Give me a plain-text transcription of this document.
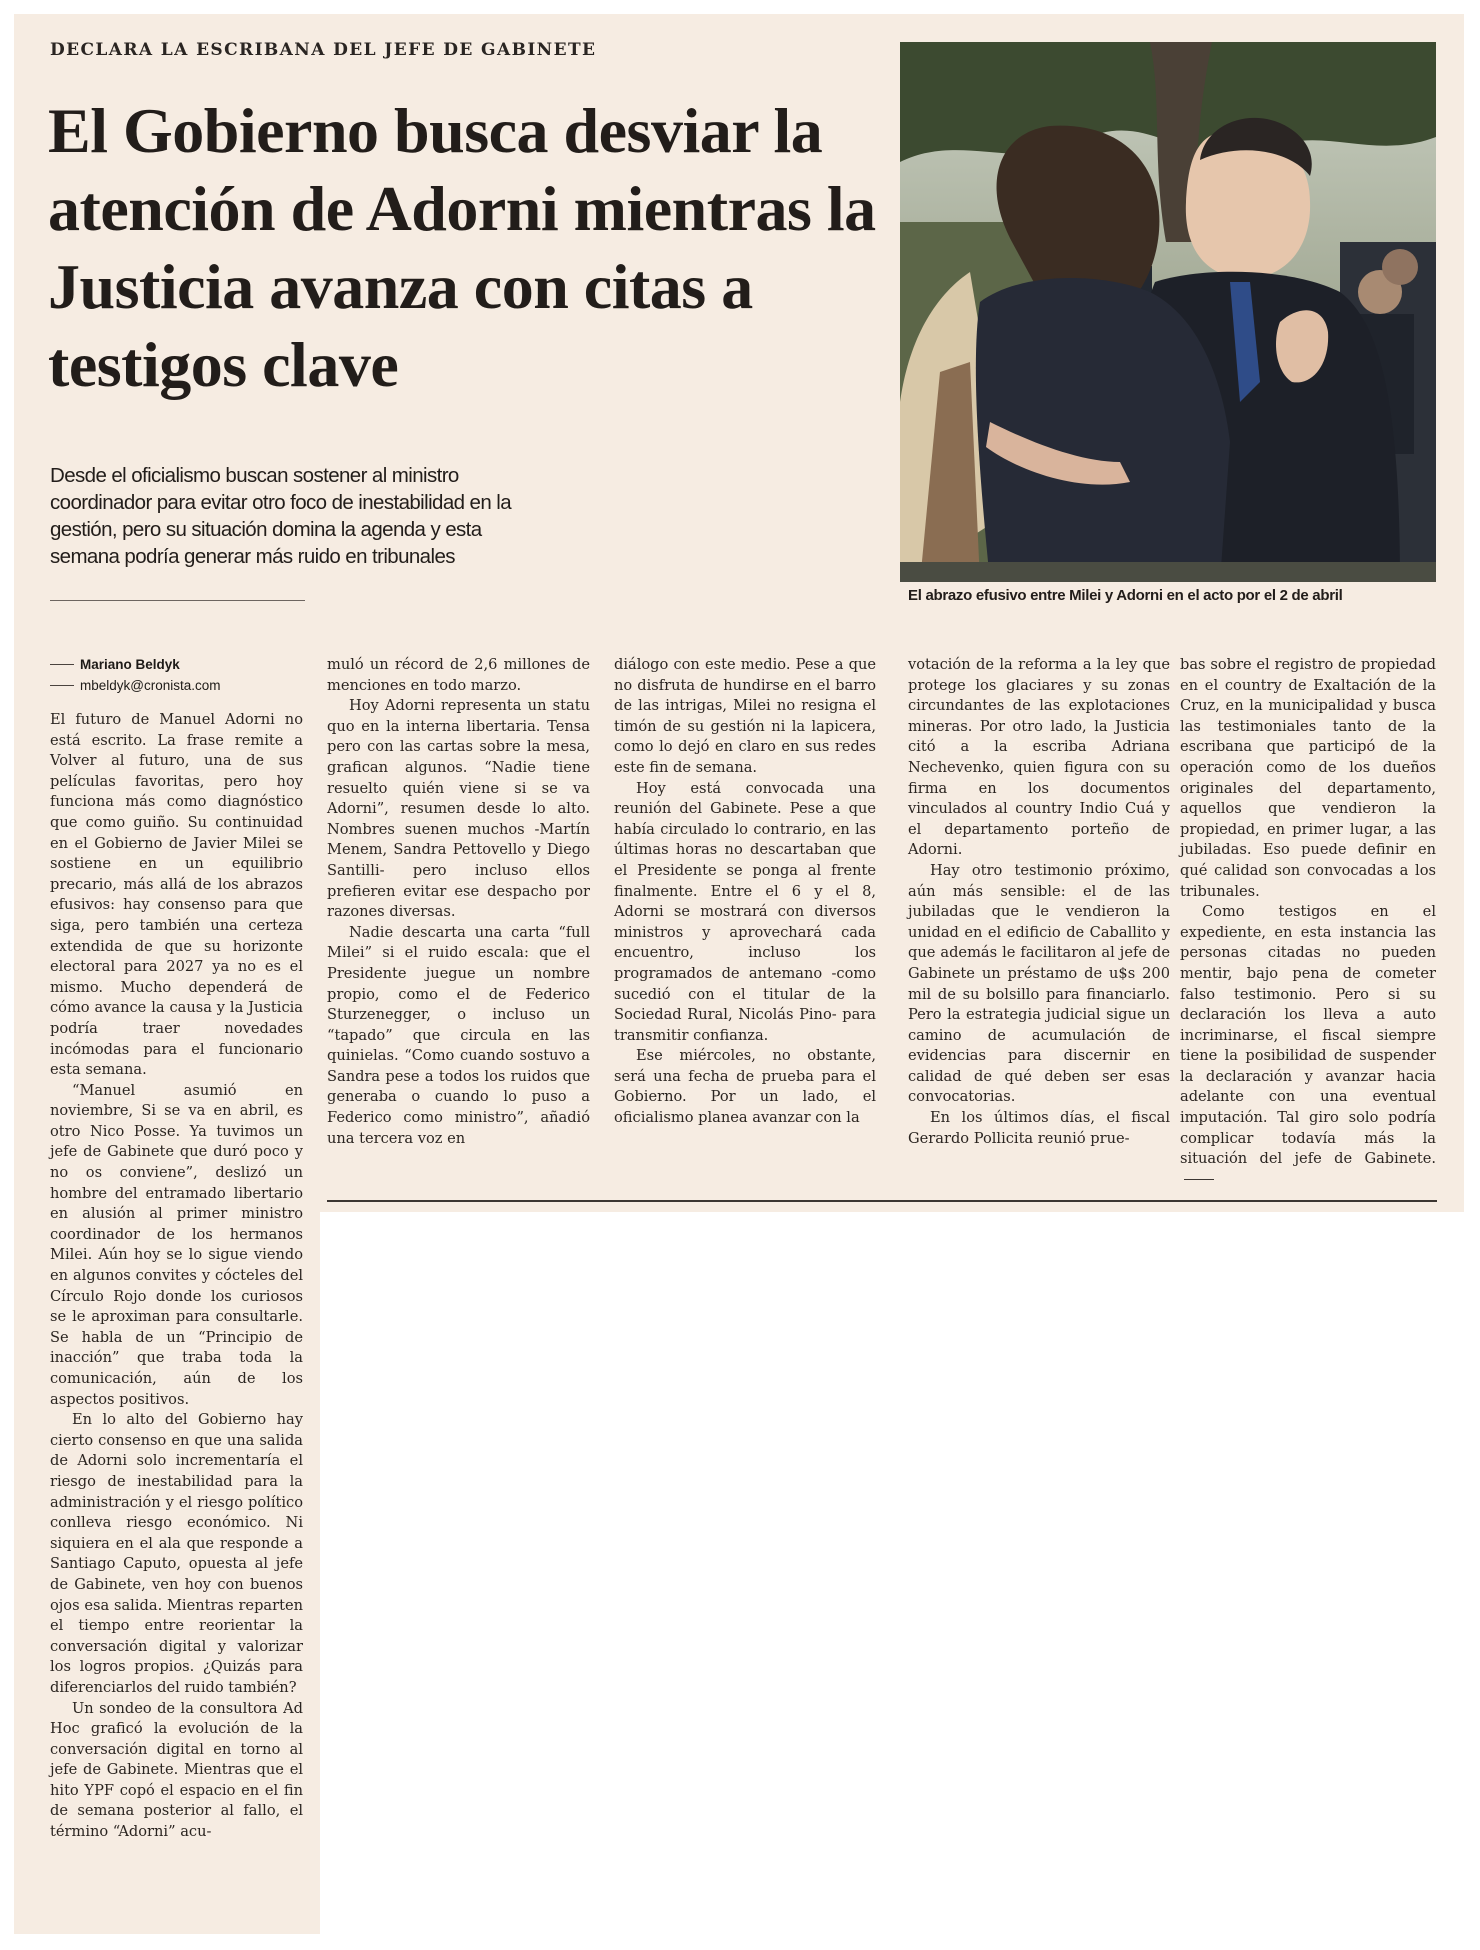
DECLARA LA ESCRIBANA DEL JEFE DE GABINETE
El Gobierno busca desviar la atención de Adorni mientras la Justicia avanza con citas a testigos clave

Desde el oficialismo buscan sostener al ministro coordinador para evitar otro foco de inestabilidad en la gestión, pero su situación domina la agenda y esta semana podría generar más ruido en tribunales

El abrazo efusivo entre Milei y Adorni en el acto por el 2 de abril

Mariano Beldyk
mbeldyk@cronista.com

El futuro de Manuel Adorni no está escrito. La frase remite a Volver al futuro, una de sus películas favoritas, pero hoy funciona más como diagnóstico que como guiño. Su continuidad en el Gobierno de Javier Milei se sostiene en un equilibrio precario, más allá de los abrazos efusivos: hay consenso para que siga, pero también una certeza extendida de que su horizonte electoral para 2027 ya no es el mismo. Mucho dependerá de cómo avance la causa y la Justicia podría traer novedades incómodas para el funcionario esta semana.

“Manuel asumió en noviembre, Si se va en abril, es otro Nico Posse. Ya tuvimos un jefe de Gabinete que duró poco y no os conviene”, deslizó un hombre del entramado libertario en alusión al primer ministro coordinador de los hermanos Milei. Aún hoy se lo sigue viendo en algunos convites y cócteles del Círculo Rojo donde los curiosos se le aproximan para consultarle. Se habla de un “Principio de inacción” que traba toda la comunicación, aún de los aspectos positivos.

En lo alto del Gobierno hay cierto consenso en que una salida de Adorni solo incrementaría el riesgo de inestabilidad para la administración y el riesgo político conlleva riesgo económico. Ni siquiera en el ala que responde a Santiago Caputo, opuesta al jefe de Gabinete, ven hoy con buenos ojos esa salida. Mientras reparten el tiempo entre reorientar la conversación digital y valorizar los logros propios. ¿Quizás para diferenciarlos del ruido también?

Un sondeo de la consultora Ad Hoc graficó la evolución de la conversación digital en torno al jefe de Gabinete. Mientras que el hito YPF copó el espacio en el fin de semana posterior al fallo, el término “Adorni” acu-

muló un récord de 2,6 millones de menciones en todo marzo.

Hoy Adorni representa un statu quo en la interna libertaria. Tensa pero con las cartas sobre la mesa, grafican algunos. “Nadie tiene resuelto quién viene si se va Adorni”, resumen desde lo alto. Nombres suenen muchos -Martín Menem, Sandra Pettovello y Diego Santilli- pero incluso ellos prefieren evitar ese despacho por razones diversas.

Nadie descarta una carta “full Milei” si el ruido escala: que el Presidente juegue un nombre propio, como el de Federico Sturzenegger, o incluso un “tapado” que circula en las quinielas. “Como cuando sostuvo a Sandra pese a todos los ruidos que generaba o cuando lo puso a Federico como ministro”, añadió una tercera voz en

diálogo con este medio. Pese a que no disfruta de hundirse en el barro de las intrigas, Milei no resigna el timón de su gestión ni la lapicera, como lo dejó en claro en sus redes este fin de semana.

Hoy está convocada una reunión del Gabinete. Pese a que había circulado lo contrario, en las últimas horas no descartaban que el Presidente se ponga al frente finalmente. Entre el 6 y el 8, Adorni se mostrará con diversos ministros y aprovechará cada encuentro, incluso los programados de antemano -como sucedió con el titular de la Sociedad Rural, Nicolás Pino- para transmitir confianza.

Ese miércoles, no obstante, será una fecha de prueba para el Gobierno. Por un lado, el oficialismo planea avanzar con la

votación de la reforma a la ley que protege los glaciares y su zonas circundantes de las explotaciones mineras. Por otro lado, la Justicia citó a la escriba Adriana Nechevenko, quien figura con su firma en los documentos vinculados al country Indio Cuá y el departamento porteño de Adorni.

Hay otro testimonio próximo, aún más sensible: el de las jubiladas que le vendieron la unidad en el edificio de Caballito y que además le facilitaron al jefe de Gabinete un préstamo de u$s 200 mil de su bolsillo para financiarlo. Pero la estrategia judicial sigue un camino de acumulación de evidencias para discernir en calidad de qué deben ser esas convocatorias.

En los últimos días, el fiscal Gerardo Pollicita reunió prue-

bas sobre el registro de propiedad en el country de Exaltación de la Cruz, en la municipalidad y busca las testimoniales tanto de la escribana que participó de la operación como de los dueños originales del departamento, aquellos que vendieron la propiedad, en primer lugar, a las jubiladas. Eso puede definir en qué calidad son convocadas a los tribunales.

Como testigos en el expediente, en esta instancia las personas citadas no pueden mentir, bajo pena de cometer falso testimonio. Pero si su declaración los lleva a auto incriminarse, el fiscal siempre tiene la posibilidad de suspender la declaración y avanzar hacia adelante con una eventual imputación. Tal giro solo podría complicar todavía más la situación del jefe de Gabinete.
